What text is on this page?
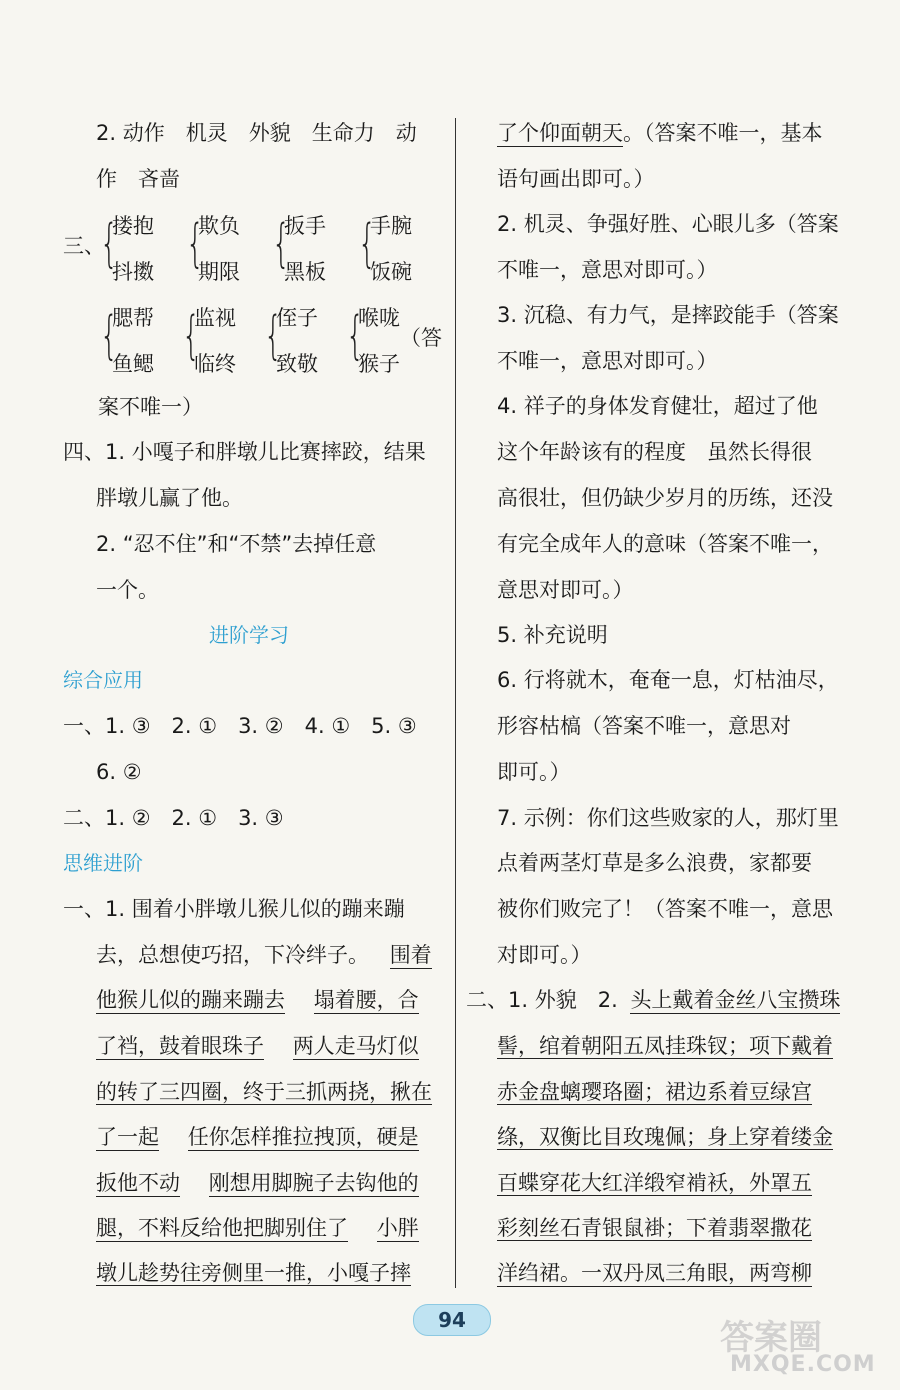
2. 动作　机灵　外貌　生命力　动
作　吝啬
三、
{
搂抱
抖擞 {
欺负
期限 {
扳手
黑板 {
手腕
饭碗
{
腮帮
鱼鳃 {
监视
临终 {
侄子
致敬 {
喉咙
猴子
（答
案不唯一）
四、1. 小嘎子和胖墩儿比赛摔跤，结果
胖墩儿赢了他。
2. “忍不住”和“不禁”去掉任意
一个。
进阶学习
综合应用
一、1. ③　2. ①　3. ②　4. ①　5. ③
6. ②
二、1. ②　2. ①　3. ③
思维进阶
一、1. 围着小胖墩儿猴儿似的蹦来蹦
去，总想使巧招，下冷绊子。 围着
他猴儿似的蹦来蹦去 塌着腰，合
了裆，鼓着眼珠子 两人走马灯似
的转了三四圈，终于三抓两挠，揪在
了一起 任你怎样推拉拽顶，硬是
扳他不动 刚想用脚腕子去钩他的
腿，不料反给他把脚别住了 小胖
墩儿趁势往旁侧里一推，小嘎子摔
了个仰面朝天。（答案不唯一，基本
语句画出即可。）
2. 机灵、争强好胜、心眼儿多（答案
不唯一，意思对即可。）
3. 沉稳、有力气，是摔跤能手（答案
不唯一，意思对即可。）
4. 祥子的身体发育健壮，超过了他
这个年龄该有的程度　虽然长得很
高很壮，但仍缺少岁月的历练，还没
有完全成年人的意味（答案不唯一，
意思对即可。）
5. 补充说明
6. 行将就木，奄奄一息，灯枯油尽，
形容枯槁（答案不唯一，意思对
即可。）
7. 示例：你们这些败家的人，那灯里
点着两茎灯草是多么浪费，家都要
被你们败完了！（答案不唯一，意思
对即可。）
二、1. 外貌　2. 头上戴着金丝八宝攒珠
髻，绾着朝阳五凤挂珠钗；项下戴着
赤金盘螭璎珞圈；裙边系着豆绿宫
绦，双衡比目玫瑰佩；身上穿着缕金
百蝶穿花大红洋缎窄褃袄，外罩五
彩刻丝石青银鼠褂；下着翡翠撒花
洋绉裙。一双丹凤三角眼，两弯柳
94	答案圈
MXQE.COM
